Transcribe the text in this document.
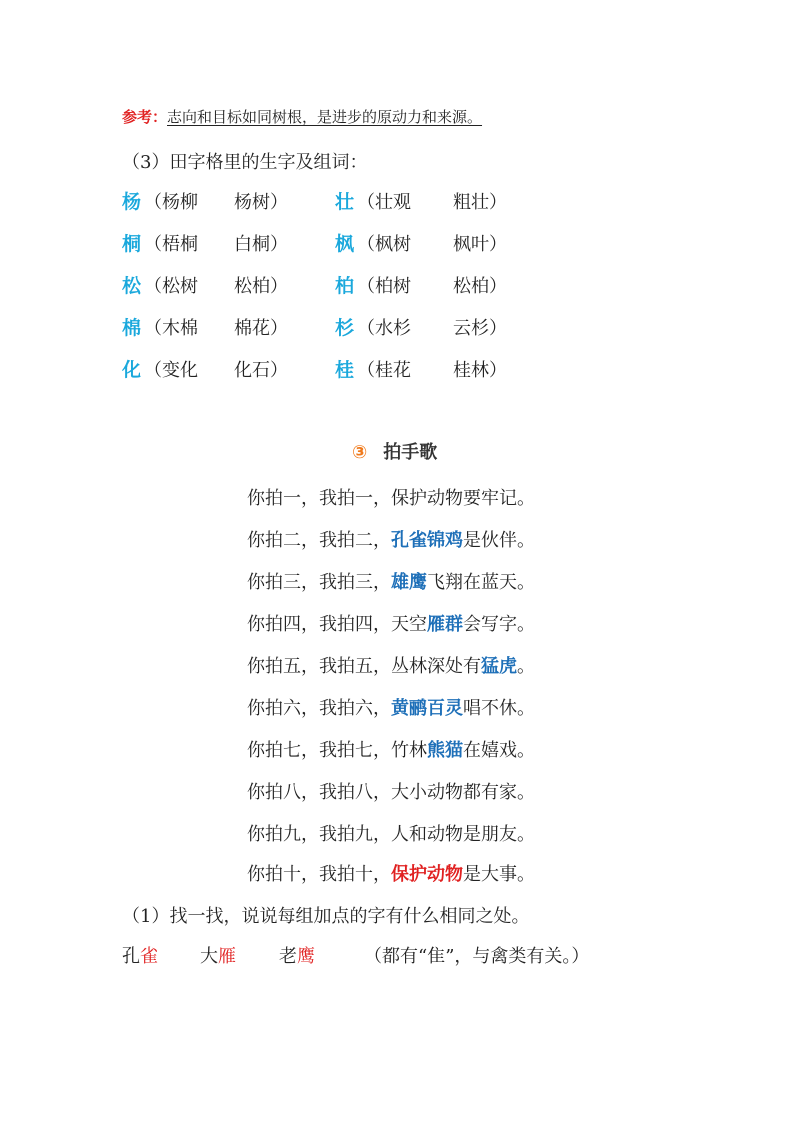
参考：志向和目标如同树根，是进步的原动力和来源。
（3）田字格里的生字及组词：
杨 （杨柳 杨树） 壮 （壮观 粗壮）
桐 （梧桐 白桐） 枫 （枫树 枫叶）
松 （松树 松柏） 柏 （柏树 松柏）
棉 （木棉 棉花） 杉 （水杉 云杉）
化 （变化 化石） 桂 （桂花 桂林）
③ 拍手歌
你拍一，我拍一，保护动物要牢记。
你拍二，我拍二，孔雀锦鸡是伙伴。
你拍三，我拍三，雄鹰飞翔在蓝天。
你拍四，我拍四，天空雁群会写字。
你拍五，我拍五，丛林深处有猛虎。
你拍六，我拍六，黄鹂百灵唱不休。
你拍七，我拍七，竹林熊猫在嬉戏。
你拍八，我拍八，大小动物都有家。
你拍九，我拍九，人和动物是朋友。
你拍十，我拍十，保护动物是大事。
（1）找一找，说说每组加点的字有什么相同之处。
孔雀 大雁 老鹰	（都有“隹”，与禽类有关。）
